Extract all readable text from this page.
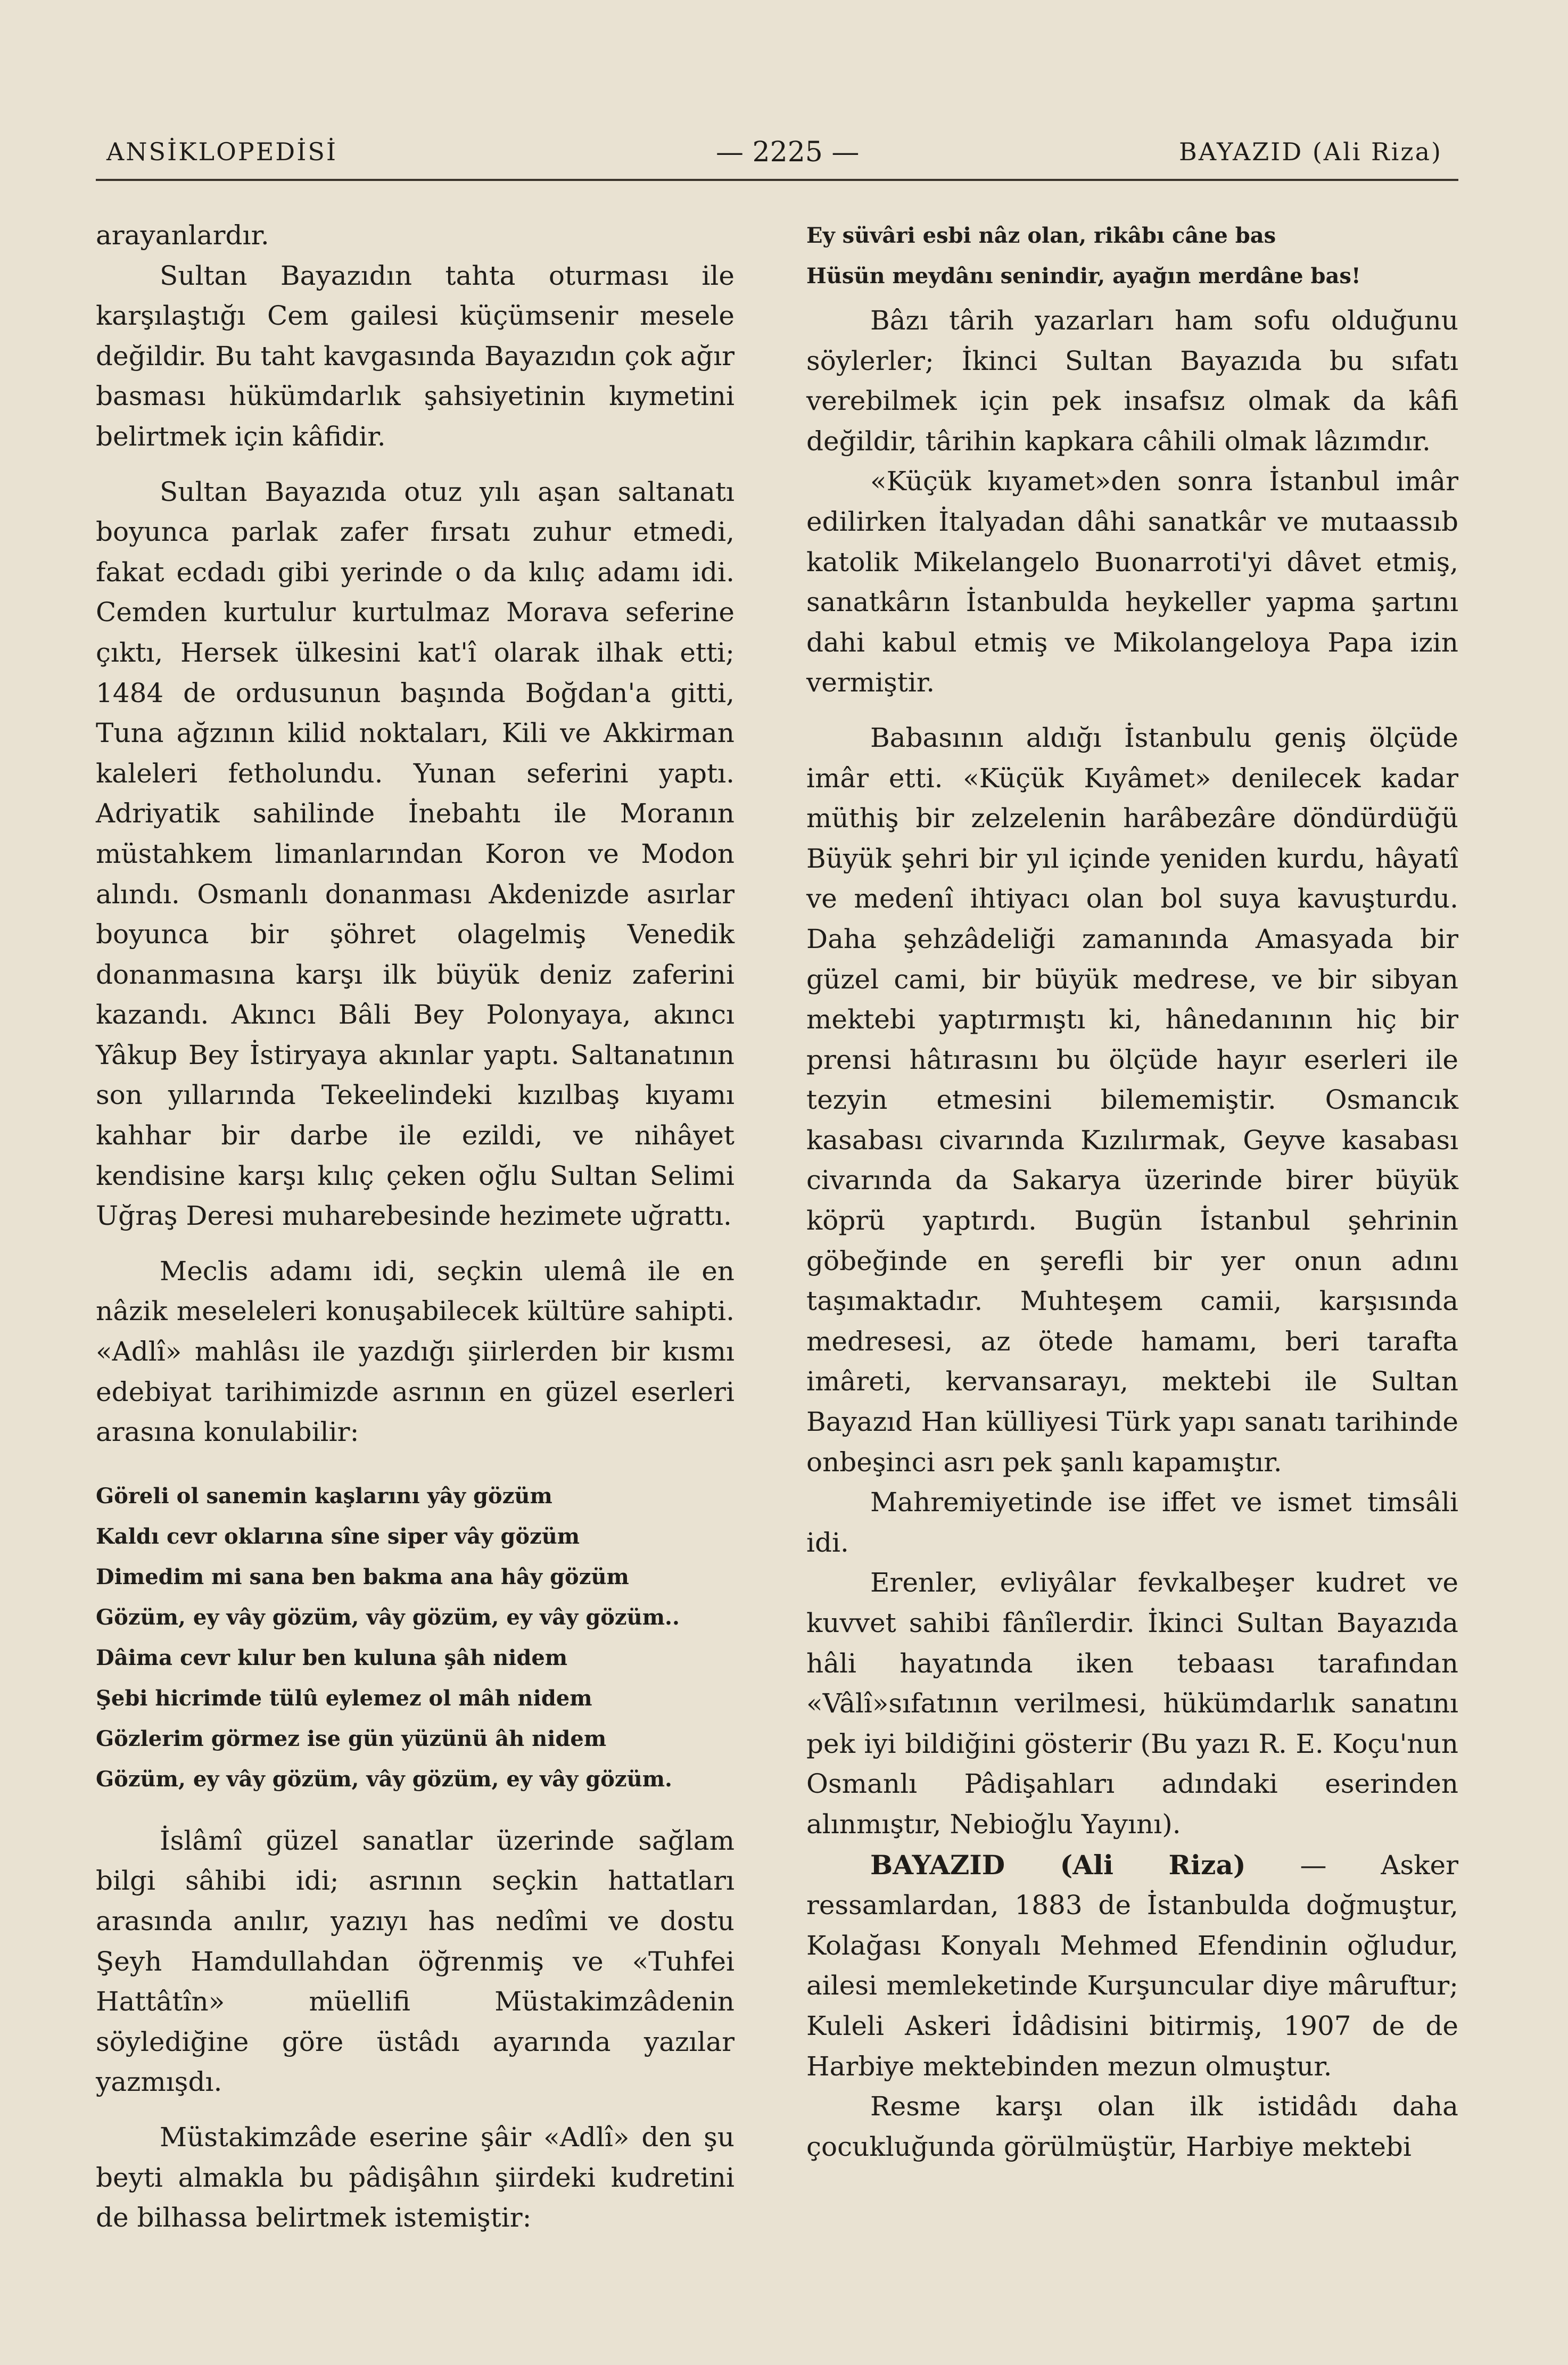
ANSİKLOPEDİSİ	— 2225 —	BAYAZID (Ali Riza)

arayanlardır.

Sultan Bayazıdın tahta oturması ile karşılaştığı Cem gailesi küçümsenir mesele değildir. Bu taht kavgasında Bayazıdın çok ağır basması hükümdarlık şahsiyetinin kıymetini belirtmek için kâfidir.

Sultan Bayazıda otuz yılı aşan saltanatı boyunca parlak zafer fırsatı zuhur etmedi, fakat ecdadı gibi yerinde o da kılıç adamı idi. Cemden kurtulur kurtulmaz Morava seferine çıktı, Hersek ülkesini kat'î olarak ilhak etti; 1484 de ordusunun başında Boğdan'a gitti, Tuna ağzının kilid noktaları, Kili ve Akkirman kaleleri fetholundu. Yunan seferini yaptı. Adriyatik sahilinde İnebahtı ile Moranın müstahkem limanlarından Koron ve Modon alındı. Osmanlı donanması Akdenizde asırlar boyunca bir şöhret olagelmiş Venedik donanmasına karşı ilk büyük deniz zaferini kazandı. Akıncı Bâli Bey Polonyaya, akıncı Yâkup Bey İstiryaya akınlar yaptı. Saltanatının son yıllarında Tekeelindeki kızılbaş kıyamı kahhar bir darbe ile ezildi, ve nihâyet kendisine karşı kılıç çeken oğlu Sultan Selimi Uğraş Deresi muharebesinde hezimete uğrattı.

Meclis adamı idi, seçkin ulemâ ile en nâzik meseleleri konuşabilecek kültüre sahipti. «Adlî» mahlâsı ile yazdığı şiirlerden bir kısmı edebiyat tarihimizde asrının en güzel eserleri arasına konulabilir:

Göreli ol sanemin kaşlarını yây gözüm

Kaldı cevr oklarına sîne siper vây gözüm

Dimedim mi sana ben bakma ana hây gözüm

Gözüm, ey vây gözüm, vây gözüm, ey vây gözüm..

Dâima cevr kılur ben kuluna şâh nidem

Şebi hicrimde tülû eylemez ol mâh nidem

Gözlerim görmez ise gün yüzünü âh nidem

Gözüm, ey vây gözüm, vây gözüm, ey vây gözüm.

İslâmî güzel sanatlar üzerinde sağlam bilgi sâhibi idi; asrının seçkin hattatları arasında anılır, yazıyı has nedîmi ve dostu Şeyh Hamdullahdan öğrenmiş ve «Tuhfei Hattâtîn» müellifi Müstakimzâdenin söylediğine göre üstâdı ayarında yazılar yazmışdı.

Müstakimzâde eserine şâir «Adlî» den şu beyti almakla bu pâdişâhın şiirdeki kudretini de bilhassa belirtmek istemiştir:

Ey süvâri esbi nâz olan, rikâbı câne bas

Hüsün meydânı senindir, ayağın merdâne bas!

Bâzı târih yazarları ham sofu olduğunu söylerler; İkinci Sultan Bayazıda bu sıfatı verebilmek için pek insafsız olmak da kâfi değildir, târihin kapkara câhili olmak lâzımdır.

«Küçük kıyamet»den sonra İstanbul imâr edilirken İtalyadan dâhi sanatkâr ve mutaassıb katolik Mikelangelo Buonarroti'yi dâvet etmiş, sanatkârın İstanbulda heykeller yapma şartını dahi kabul etmiş ve Mikolangeloya Papa izin vermiştir.

Babasının aldığı İstanbulu geniş ölçüde imâr etti. «Küçük Kıyâmet» denilecek kadar müthiş bir zelzelenin harâbezâre döndürdüğü Büyük şehri bir yıl içinde yeniden kurdu, hâyatî ve medenî ihtiyacı olan bol suya kavuşturdu. Daha şehzâdeliği zamanında Amasyada bir güzel cami, bir büyük medrese, ve bir sibyan mektebi yaptırmıştı ki, hânedanının hiç bir prensi hâtırasını bu ölçüde hayır eserleri ile tezyin etmesini bilememiştir. Osmancık kasabası civarında Kızılırmak, Geyve kasabası civarında da Sakarya üzerinde birer büyük köprü yaptırdı. Bugün İstanbul şehrinin göbeğinde en şerefli bir yer onun adını taşımaktadır. Muhteşem camii, karşısında medresesi, az ötede hamamı, beri tarafta imâreti, kervansarayı, mektebi ile Sultan Bayazıd Han külliyesi Türk yapı sanatı tarihinde onbeşinci asrı pek şanlı kapamıştır.

Mahremiyetinde ise iffet ve ismet timsâli idi.

Erenler, evliyâlar fevkalbeşer kudret ve kuvvet sahibi fânîlerdir. İkinci Sultan Bayazıda hâli hayatında iken tebaası tarafından «Vâlî»sıfatının verilmesi, hükümdarlık sanatını pek iyi bildiğini gösterir (Bu yazı R. E. Koçu'nun Osmanlı Pâdişahları adındaki eserinden alınmıştır, Nebioğlu Yayını).

BAYAZID (Ali Riza) — Asker ressamlardan, 1883 de İstanbulda doğmuştur, Kolağası Konyalı Mehmed Efendinin oğludur, ailesi memleketinde Kurşuncular diye mâruftur; Kuleli Askeri İdâdisini bitirmiş, 1907 de de Harbiye mektebinden mezun olmuştur.

Resme karşı olan ilk istidâdı daha çocukluğunda görülmüştür, Harbiye mektebi
